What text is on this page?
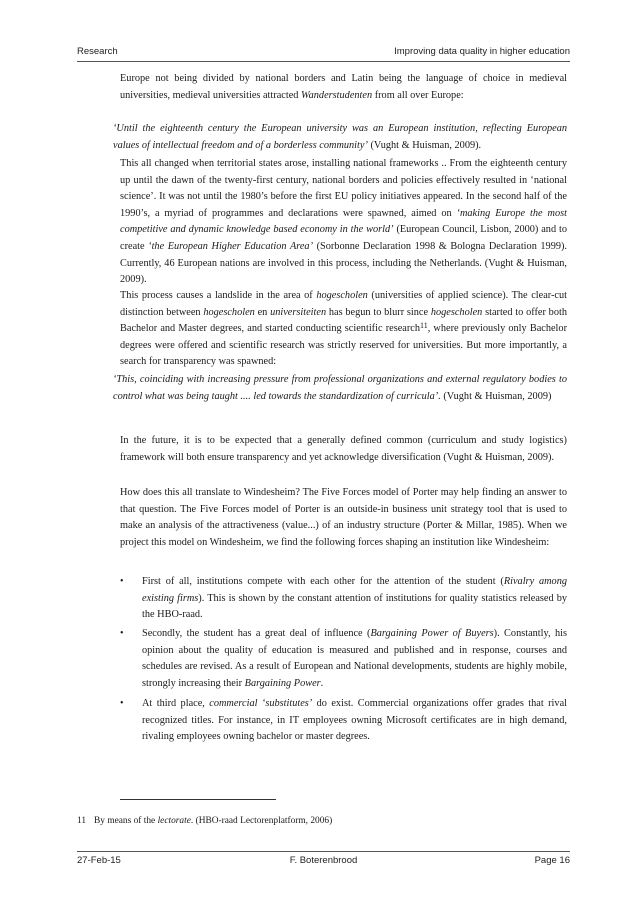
Research	Improving data quality in higher education

Europe not being divided by national borders and Latin being the language of choice in medieval universities, medieval universities attracted Wanderstudenten from all over Europe:

‘Until the eighteenth century the European university was an European institution, reflecting European values of intellectual freedom and of a borderless community’ (Vught & Huisman, 2009).

This all changed when territorial states arose, installing national frameworks .. From the eighteenth century up until the dawn of the twenty-first century, national borders and policies effectively resulted in ‘national science’. It was not until the 1980’s before the first EU policy initiatives appeared. In the second half of the 1990’s, a myriad of programmes and declarations were spawned, aimed on ‘making Europe the most competitive and dynamic knowledge based economy in the world’ (European Council, Lisbon, 2000) and to create ‘the European Higher Education Area’ (Sorbonne Declaration 1998 & Bologna Declaration 1999). Currently, 46 European nations are involved in this process, including the Netherlands. (Vught & Huisman, 2009).

This process causes a landslide in the area of hogescholen (universities of applied science). The clear-cut distinction between hogescholen en universiteiten has begun to blurr since hogescholen started to offer both Bachelor and Master degrees, and started conducting scientific research$^{11}$, where previously only Bachelor degrees were offered and scientific research was strictly reserved for universities. But more importantly, a search for transparency was spawned:

‘This, coinciding with increasing pressure from professional organizations and external regulatory bodies to control what was being taught .... led towards the standardization of curricula’. (Vught & Huisman, 2009)

In the future, it is to be expected that a generally defined common (curriculum and study logistics) framework will both ensure transparency and yet acknowledge diversification (Vught & Huisman, 2009).

How does this all translate to Windesheim? The Five Forces model of Porter may help finding an answer to that question. The Five Forces model of Porter is an outside-in business unit strategy tool that is used to make an analysis of the attractiveness (value...) of an industry structure (Porter & Millar, 1985). When we project this model on Windesheim, we find the following forces shaping an institution like Windesheim:

• First of all, institutions compete with each other for the attention of the student (Rivalry among existing firms). This is shown by the constant attention of institutions for quality statistics released by the HBO-raad.

• Secondly, the student has a great deal of influence (Bargaining Power of Buyers). Constantly, his opinion about the quality of education is measured and published and in response, courses and schedules are revised. As a result of European and National developments, students are highly mobile, strongly increasing their Bargaining Power.

• At third place, commercial ‘substitutes’ do exist. Commercial organizations offer grades that rival recognized titles. For instance, in IT employees owning Microsoft certificates are in high demand, rivaling employees owning bachelor or master degrees.

11 By means of the lectorate. (HBO-raad Lectorenplatform, 2006)
27-Feb-15	F. Boterenbrood	Page 16
